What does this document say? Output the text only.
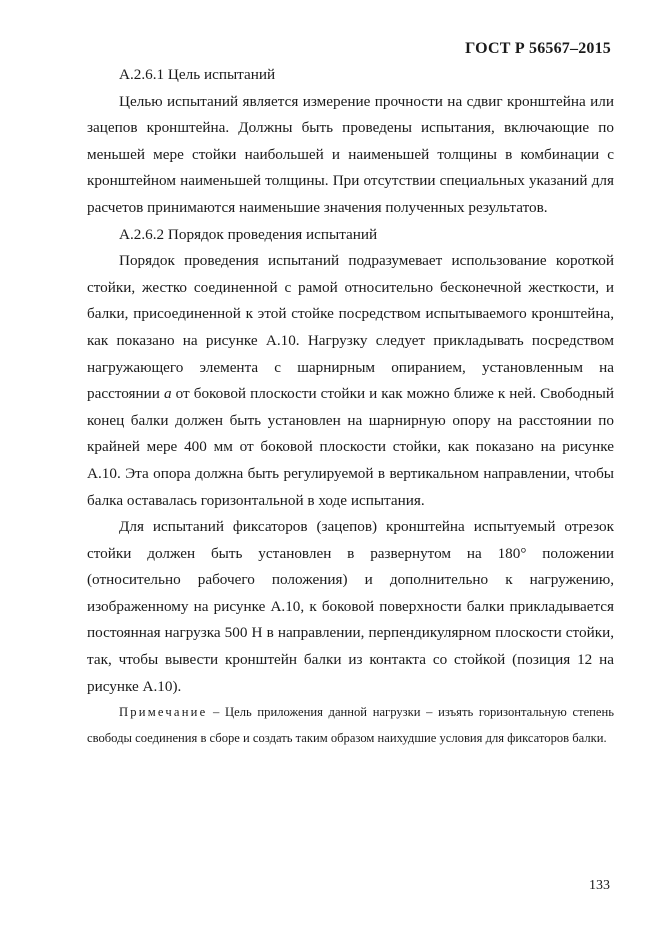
ГОСТ Р 56567–2015

А.2.6.1 Цель испытаний

Целью испытаний является измерение прочности на сдвиг кронштейна или зацепов кронштейна. Должны быть проведены испытания, включающие по меньшей мере стойки наибольшей и наименьшей толщины в комбинации с кронштейном наименьшей толщины. При отсутствии специальных указаний для расчетов принимаются наименьшие значения полученных результатов.

А.2.6.2 Порядок проведения испытаний

Порядок проведения испытаний подразумевает использование короткой стойки, жестко соединенной с рамой относительно бесконечной жесткости, и балки, присоединенной к этой стойке посредством испытываемого кронштейна, как показано на рисунке А.10. Нагрузку следует прикладывать посредством нагружающего элемента с шарнирным опиранием, установленным на расстоянии a от боковой плоскости стойки и как можно ближе к ней. Свободный конец балки должен быть установлен на шарнирную опору на расстоянии по крайней мере 400 мм от боковой плоскости стойки, как показано на рисунке А.10. Эта опора должна быть регулируемой в вертикальном направлении, чтобы балка оставалась горизонтальной в ходе испытания.

Для испытаний фиксаторов (зацепов) кронштейна испытуемый отрезок стойки должен быть установлен в развернутом на 180° положении (относительно рабочего положения) и дополнительно к нагружению, изображенному на рисунке А.10, к боковой поверхности балки прикладывается постоянная нагрузка 500 Н в направлении, перпендикулярном плоскости стойки, так, чтобы вывести кронштейн балки из контакта со стойкой (позиция 12 на рисунке А.10).

Примечание – Цель приложения данной нагрузки – изъять горизонтальную степень свободы соединения в сборе и создать таким образом наихудшие условия для фиксаторов балки.

133
